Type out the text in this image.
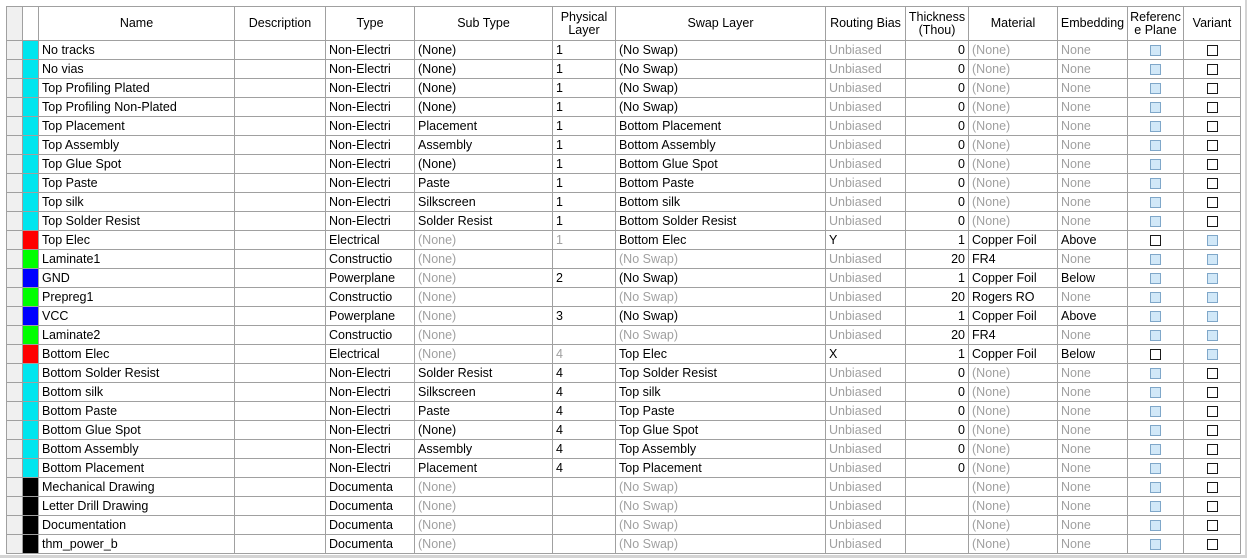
		Name	Description	Type	Sub Type	Physical Layer	Swap Layer	Routing Bias	Thickness (Thou)	Material	Embedding	Referenc e Plane	Variant

	No tracks		Non-Electri	(None)	1	(No Swap)	Unbiased	0	(None)	None		

	No vias		Non-Electri	(None)	1	(No Swap)	Unbiased	0	(None)	None		

	Top Profiling Plated		Non-Electri	(None)	1	(No Swap)	Unbiased	0	(None)	None		

	Top Profiling Non-Plated		Non-Electri	(None)	1	(No Swap)	Unbiased	0	(None)	None		

	Top Placement		Non-Electri	Placement	1	Bottom Placement	Unbiased	0	(None)	None		

	Top Assembly		Non-Electri	Assembly	1	Bottom Assembly	Unbiased	0	(None)	None		

	Top Glue Spot		Non-Electri	(None)	1	Bottom Glue Spot	Unbiased	0	(None)	None		

	Top Paste		Non-Electri	Paste	1	Bottom Paste	Unbiased	0	(None)	None		

	Top silk		Non-Electri	Silkscreen	1	Bottom silk	Unbiased	0	(None)	None		

	Top Solder Resist		Non-Electri	Solder Resist	1	Bottom Solder Resist	Unbiased	0	(None)	None		

	Top Elec		Electrical	(None)	1	Bottom Elec	Y	1	Copper Foil	Above		

	Laminate1		Constructio	(None)		(No Swap)	Unbiased	20	FR4	None		

	GND		Powerplane	(None)	2	(No Swap)	Unbiased	1	Copper Foil	Below		

	Prepreg1		Constructio	(None)		(No Swap)	Unbiased	20	Rogers RO	None		

	VCC		Powerplane	(None)	3	(No Swap)	Unbiased	1	Copper Foil	Above		

	Laminate2		Constructio	(None)		(No Swap)	Unbiased	20	FR4	None		

	Bottom Elec		Electrical	(None)	4	Top Elec	X	1	Copper Foil	Below		

	Bottom Solder Resist		Non-Electri	Solder Resist	4	Top Solder Resist	Unbiased	0	(None)	None		

	Bottom silk		Non-Electri	Silkscreen	4	Top silk	Unbiased	0	(None)	None		

	Bottom Paste		Non-Electri	Paste	4	Top Paste	Unbiased	0	(None)	None		

	Bottom Glue Spot		Non-Electri	(None)	4	Top Glue Spot	Unbiased	0	(None)	None		

	Bottom Assembly		Non-Electri	Assembly	4	Top Assembly	Unbiased	0	(None)	None		

	Bottom Placement		Non-Electri	Placement	4	Top Placement	Unbiased	0	(None)	None		

	Mechanical Drawing		Documenta	(None)		(No Swap)	Unbiased		(None)	None		

	Letter Drill Drawing		Documenta	(None)		(No Swap)	Unbiased		(None)	None		

	Documentation		Documenta	(None)		(No Swap)	Unbiased		(None)	None		

	thm_power_b		Documenta	(None)		(No Swap)	Unbiased		(None)	None		
